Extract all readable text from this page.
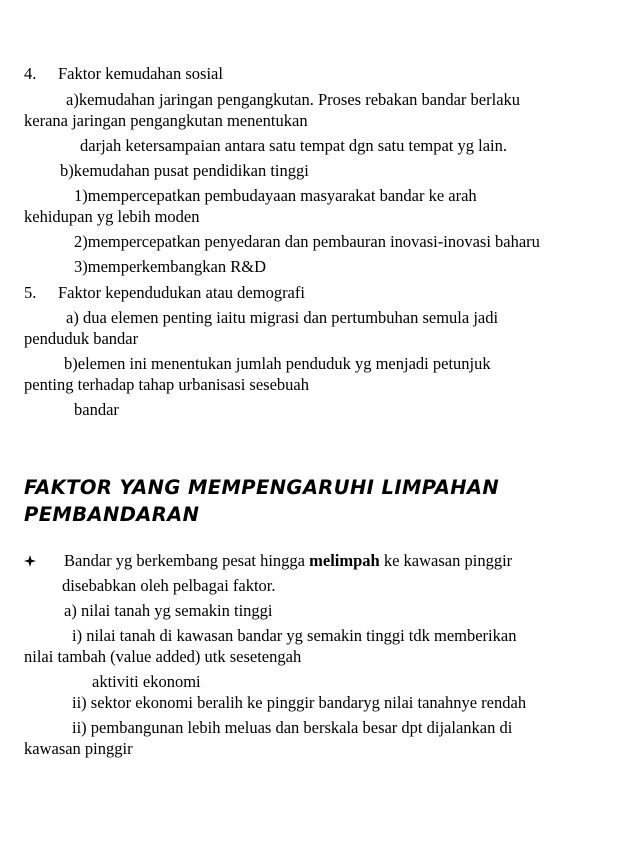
4. Faktor kemudahan sosial
a)kemudahan jaringan pengangkutan. Proses rebakan bandar berlaku
kerana jaringan pengangkutan menentukan
darjah ketersampaian antara satu tempat dgn satu tempat yg lain.
b)kemudahan pusat pendidikan tinggi
1)mempercepatkan pembudayaan masyarakat bandar ke arah
kehidupan yg lebih moden
2)mempercepatkan penyedaran dan pembauran inovasi-inovasi baharu
3)memperkembangkan R&D
5. Faktor kependudukan atau demografi
a) dua elemen penting iaitu migrasi dan pertumbuhan semula jadi
penduduk bandar
b)elemen ini menentukan jumlah penduduk yg menjadi petunjuk
penting terhadap tahap urbanisasi sesebuah
bandar
FAKTOR YANG MEMPENGARUHI LIMPAHAN
PEMBANDARAN
Bandar yg berkembang pesat hingga melimpah ke kawasan pinggir
disebabkan oleh pelbagai faktor.
a) nilai tanah yg semakin tinggi
i) nilai tanah di kawasan bandar yg semakin tinggi tdk memberikan
nilai tambah (value added) utk sesetengah
aktiviti ekonomi
ii) sektor ekonomi beralih ke pinggir bandaryg nilai tanahnye rendah
ii) pembangunan lebih meluas dan berskala besar dpt dijalankan di
kawasan pinggir
